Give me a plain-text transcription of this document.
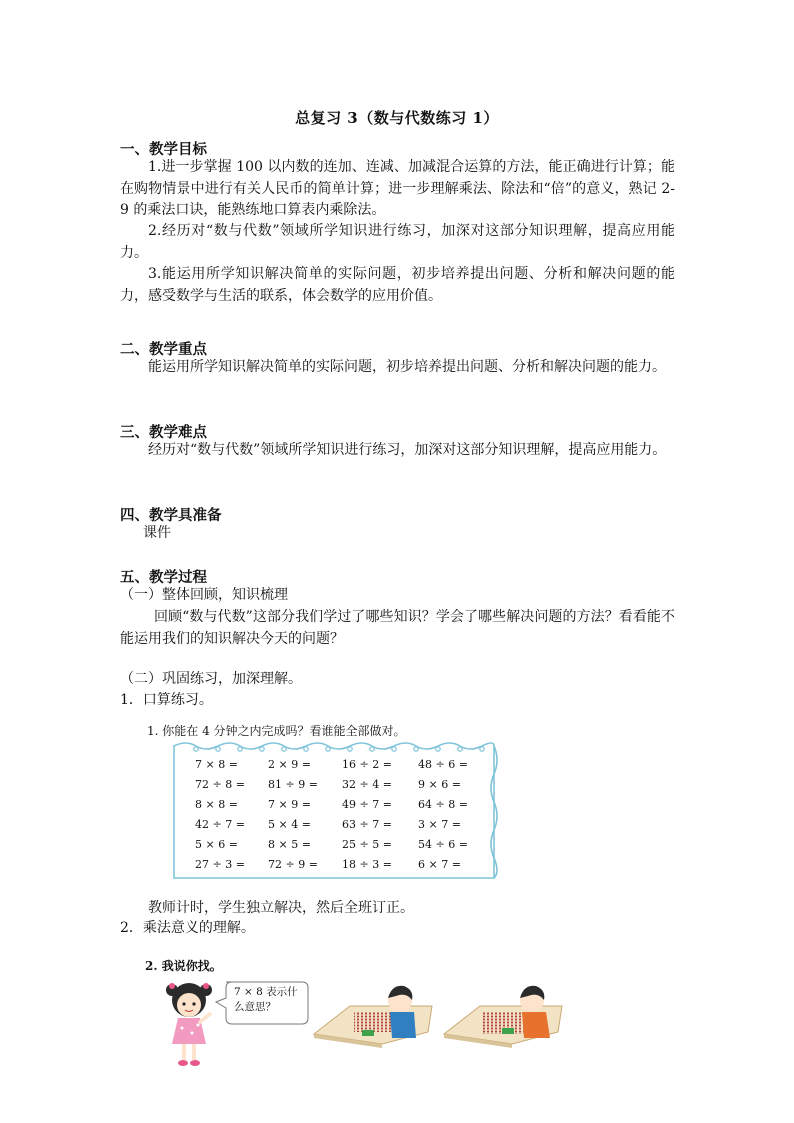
总复习 3（数与代数练习 1）
一、教学目标
1.进一步掌握 100 以内数的连加、连减、加减混合运算的方法，能正确进行计算；能在购物情景中进行有关人民币的简单计算；进一步理解乘法、除法和“倍”的意义，熟记 2-9 的乘法口诀，能熟练地口算表内乘除法。
2.经历对“数与代数”领域所学知识进行练习，加深对这部分知识理解，提高应用能力。
3.能运用所学知识解决简单的实际问题，初步培养提出问题、分析和解决问题的能力，感受数学与生活的联系，体会数学的应用价值。
二、教学重点
能运用所学知识解决简单的实际问题，初步培养提出问题、分析和解决问题的能力。
三、教学难点
经历对“数与代数”领域所学知识进行练习，加深对这部分知识理解，提高应用能力。
四、教学具准备
课件
五、教学过程
（一）整体回顾，知识梳理
回顾“数与代数”这部分我们学过了哪些知识？学会了哪些解决问题的方法？看看能不能运用我们的知识解决今天的问题？
（二）巩固练习，加深理解。
1．口算练习。
1. 你能在 4 分钟之内完成吗？看谁能全部做对。
7 × 8 =	2 × 9 =	16 ÷ 2 = 48 ÷ 6 =
72 ÷ 8 = 81 ÷ 9 = 32 ÷ 4 = 9 × 6 =
8 × 8 =	7 × 9 =	49 ÷ 7 = 64 ÷ 8 =
42 ÷ 7 = 5 × 4 =	63 ÷ 7 = 3 × 7 =
5 × 6 =	8 × 5 =	25 ÷ 5 = 54 ÷ 6 =
27 ÷ 3 = 72 ÷ 9 = 18 ÷ 3 = 6 × 7 =
教师计时，学生独立解决，然后全班订正。
2．乘法意义的理解。
2. 我说你找。
7 × 8 表示什么意思？
